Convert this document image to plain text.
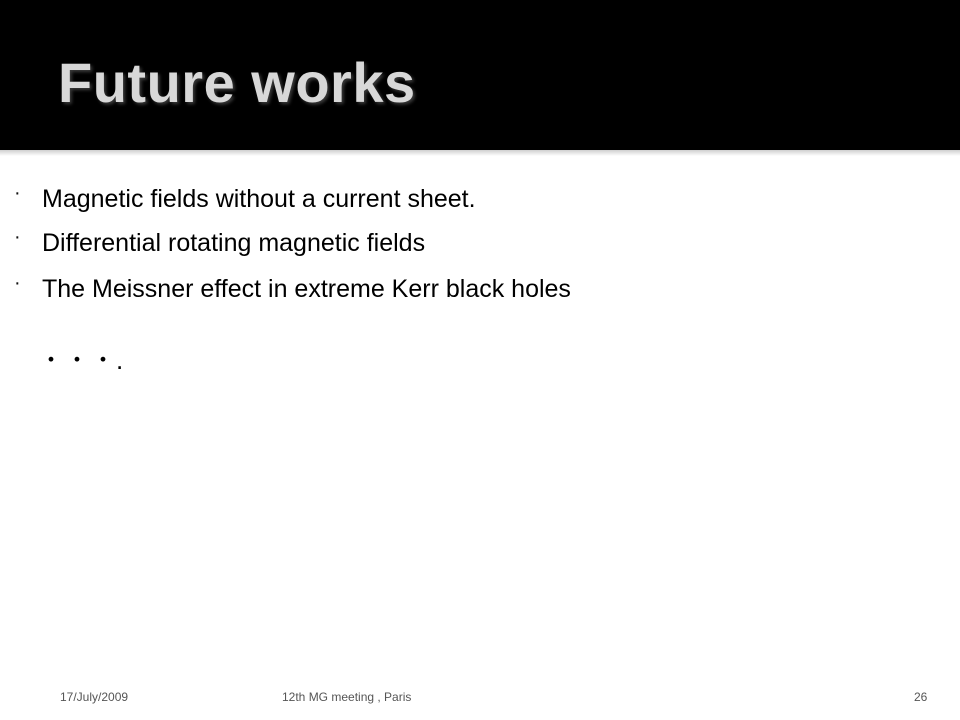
Future works
· Magnetic fields without a current sheet.
· Differential rotating magnetic fields
· The Meissner effect in extreme Kerr black holes
・・・.
17/July/2009	12th MG meeting , Paris	26
